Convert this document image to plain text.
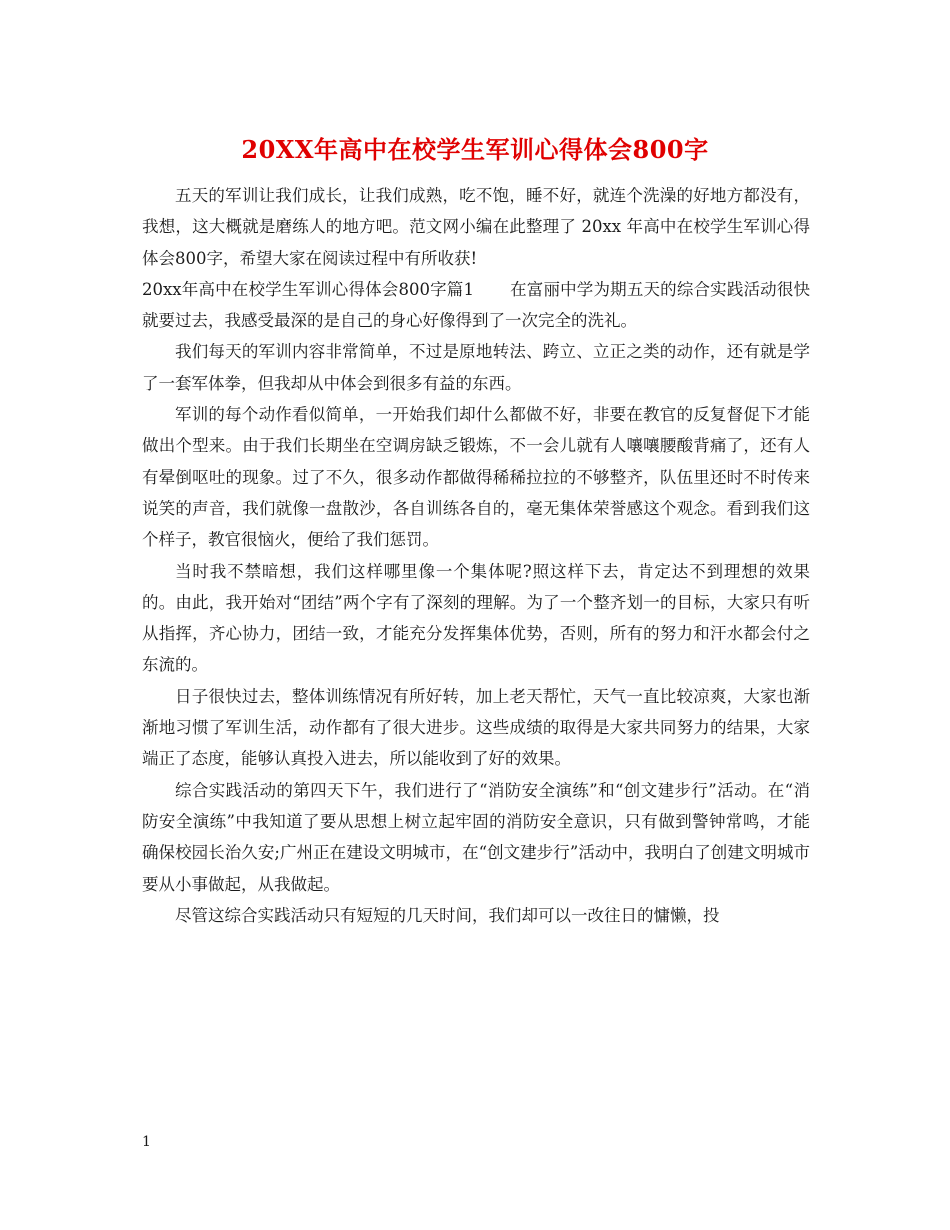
20XX年高中在校学生军训心得体会800字

五天的军训让我们成长，让我们成熟，吃不饱，睡不好，就连个洗澡的好地方都没有，我想，这大概就是磨练人的地方吧。范文网小编在此整理了 20xx 年高中在校学生军训心得体会800字，希望大家在阅读过程中有所收获!

20xx年高中在校学生军训心得体会800字篇1 在富丽中学为期五天的综合实践活动很快就要过去，我感受最深的是自己的身心好像得到了一次完全的洗礼。

我们每天的军训内容非常简单，不过是原地转法、跨立、立正之类的动作，还有就是学了一套军体拳，但我却从中体会到很多有益的东西。

军训的每个动作看似简单，一开始我们却什么都做不好，非要在教官的反复督促下才能做出个型来。由于我们长期坐在空调房缺乏锻炼，不一会儿就有人嚷嚷腰酸背痛了，还有人有晕倒呕吐的现象。过了不久，很多动作都做得稀稀拉拉的不够整齐，队伍里还时不时传来说笑的声音，我们就像一盘散沙，各自训练各自的，毫无集体荣誉感这个观念。看到我们这个样子，教官很恼火，便给了我们惩罚。

当时我不禁暗想，我们这样哪里像一个集体呢?照这样下去，肯定达不到理想的效果的。由此，我开始对“团结”两个字有了深刻的理解。为了一个整齐划一的目标，大家只有听从指挥，齐心协力，团结一致，才能充分发挥集体优势，否则，所有的努力和汗水都会付之东流的。

日子很快过去，整体训练情况有所好转，加上老天帮忙，天气一直比较凉爽，大家也渐渐地习惯了军训生活，动作都有了很大进步。这些成绩的取得是大家共同努力的结果，大家端正了态度，能够认真投入进去，所以能收到了好的效果。

综合实践活动的第四天下午，我们进行了“消防安全演练”和“创文建步行”活动。在“消防安全演练”中我知道了要从思想上树立起牢固的消防安全意识，只有做到警钟常鸣，才能确保校园长治久安;广州正在建设文明城市，在“创文建步行”活动中，我明白了创建文明城市要从小事做起，从我做起。

尽管这综合实践活动只有短短的几天时间，我们却可以一改往日的慵懒，投

1
